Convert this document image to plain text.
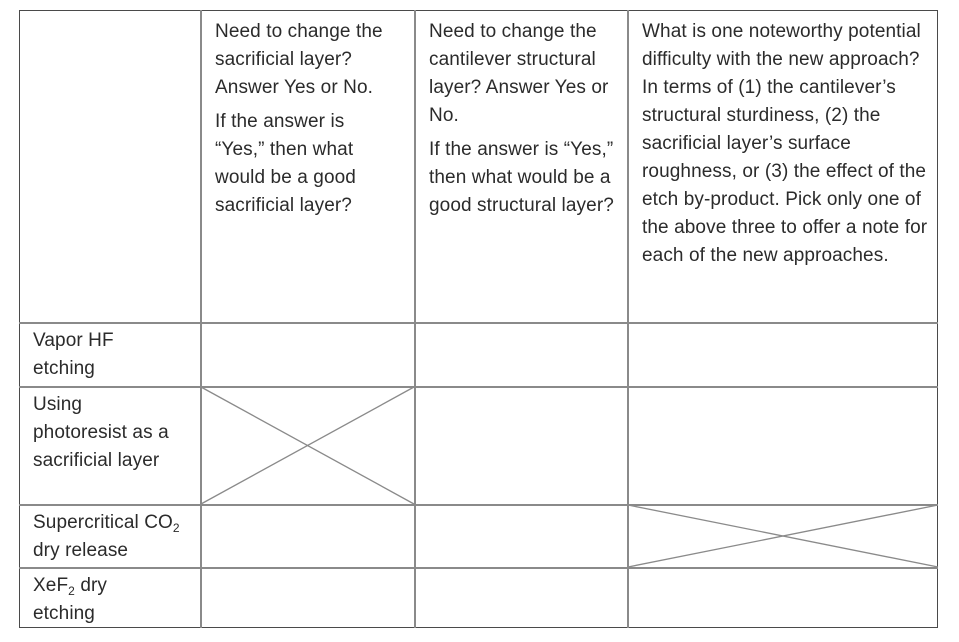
Need to change the sacrificial layer? Answer Yes or No.

If the answer is “Yes,” then what would be a good sacrificial layer?

Need to change the cantilever structural layer? Answer Yes or No.

If the answer is “Yes,” then what would be a good structural layer?

What is one noteworthy potential difficulty with the new approach? In terms of (1) the cantilever’s structural sturdiness, (2) the sacrificial layer’s surface roughness, or (3) the effect of the etch by-product. Pick only one of the above three to offer a note for each of the new approaches.

Vapor HF etching
Using photoresist as a sacrificial layer
Supercritical $CO_2$ dry release
XeF$_2$ dry etching
